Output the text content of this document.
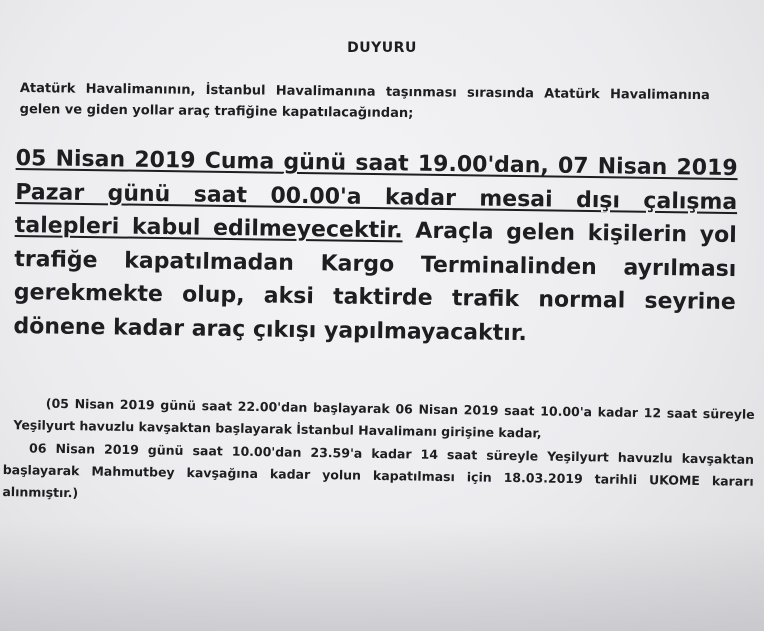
DUYURU
Atatürk Havalimanının, İstanbul Havalimanına taşınması sırasında Atatürk Havalimanına gelen ve giden yollar araç trafiğine kapatılacağından;
05 Nisan 2019 Cuma günü saat 19.00'dan, 07 Nisan 2019 Pazar günü saat 00.00'a kadar mesai dışı çalışma talepleri kabul edilmeyecektir. Araçla gelen kişilerin yol trafiğe kapatılmadan Kargo Terminalinden ayrılması gerekmekte olup, aksi taktirde trafik normal seyrine dönene kadar araç çıkışı yapılmayacaktır.

(05 Nisan 2019 günü saat 22.00'dan başlayarak 06 Nisan 2019 saat 10.00'a kadar 12 saat süreyle Yeşilyurt havuzlu kavşaktan başlayarak İstanbul Havalimanı girişine kadar,

06 Nisan 2019 günü saat 10.00'dan 23.59'a kadar 14 saat süreyle Yeşilyurt havuzlu kavşaktan başlayarak Mahmutbey kavşağına kadar yolun kapatılması için 18.03.2019 tarihli UKOME kararı alınmıştır.)
